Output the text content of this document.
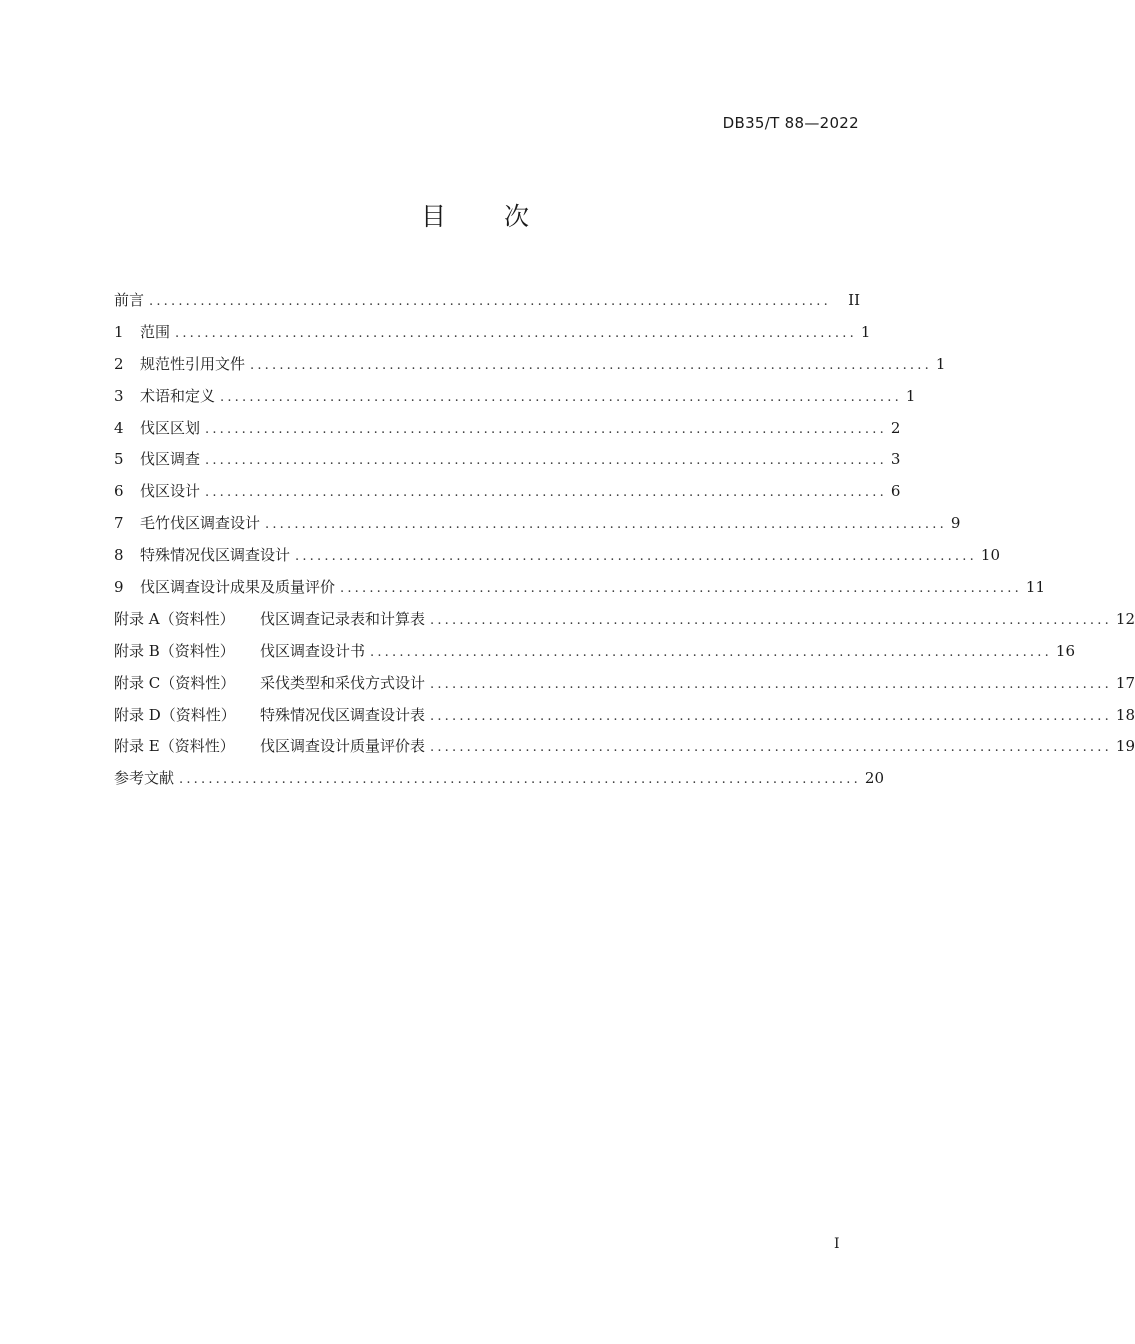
DB35/T 88—2022
目 次
前言 .............................................................................................	II
1	范围 ............................................................................................. 1
2	规范性引用文件 ............................................................................................. 1
3	术语和定义 ............................................................................................. 1
4	伐区区划 ............................................................................................. 2
5	伐区调查 ............................................................................................. 3
6	伐区设计 ............................................................................................. 6
7	毛竹伐区调查设计 ............................................................................................. 9
8	特殊情况伐区调查设计 ............................................................................................. 10
9	伐区调查设计成果及质量评价 ............................................................................................. 11
附录 A（资料性）	伐区调查记录表和计算表 ............................................................................................. 12
附录 B（资料性）	伐区调查设计书 ............................................................................................. 16
附录 C（资料性）	采伐类型和采伐方式设计 ............................................................................................. 17
附录 D（资料性）	特殊情况伐区调查设计表 ............................................................................................. 18
附录 E（资料性）	伐区调查设计质量评价表 ............................................................................................. 19
参考文献 ............................................................................................. 20
I
